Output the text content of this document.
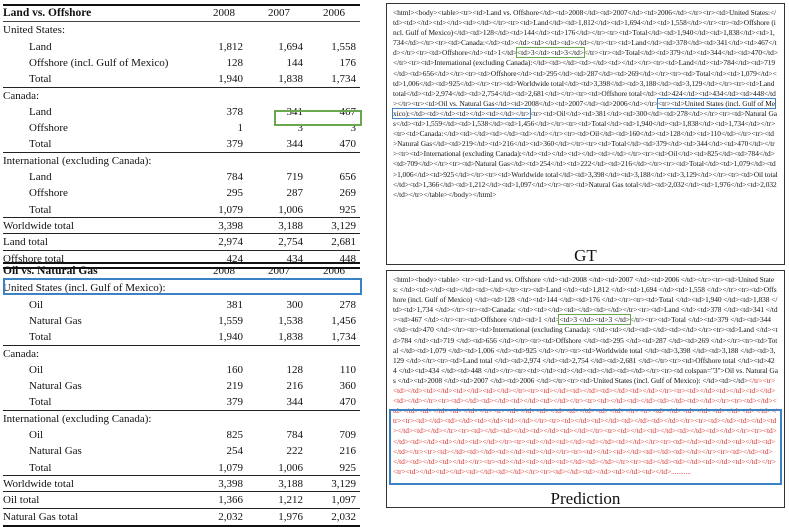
Land vs. Offshore	2008	2007	2006
United States:
Land	1,812	1,694	1,558
Offshore (incl. Gulf of Mexico)	128	144	176
Total	1,940	1,838	1,734
Canada:
Land	378	341	467
Offshore	1	3	3
Total	379	344	470
International (excluding Canada):
Land	784	719	656
Offshore	295	287	269
Total	1,079	1,006	925
Worldwide total	3,398	3,188	3,129
Land total	2,974	2,754	2,681
Offshore total	424	434	448
Oil vs. Natural Gas	2008	2007	2006
United States (incl. Gulf of Mexico):
Oil	381	300	278
Natural Gas	1,559	1,538	1,456
Total	1,940	1,838	1,734
Canada:
Oil	160	128	110
Natural Gas	219	216	360
Total	379	344	470
International (excluding Canada):
Oil	825	784	709
Natural Gas	254	222	216
Total	1,079	1,006	925
Worldwide total	3,398	3,188	3,129
Oil total	1,366	1,212	1,097
Natural Gas total	2,032	1,976	2,032
<html><body><table><tr><td>Land vs. Offshore</td><td>2008</td><td>2007</td><td>2006</td></tr><tr><td>United States:</td><td></td><td></td><td></td></tr><tr><td>Land</td><td>1,812</td><td>1,694</td><td>1,558</td></tr><tr><td>Offshore (incl. Gulf of Mexico)</td><td>128</td><td>144</td><td>176</td></tr><tr><td>Total</td><td>1,940</td><td>1,838</td><td>1,734</td></tr><tr><td>Canada:</td><td></td><td></td><td></td></tr><tr><td>Land</td><td>378</td><td>341</td><td>467</td></tr><tr><td>Offshore</td><td>1</td><td>3</td><td>3</td></tr><tr><td>Total</td><td>379</td><td>344</td><td>470</td></tr><tr><td>International (excluding Canada):</td><td></td><td></td><td></td></tr><tr><td>Land</td><td>784</td><td>719</td><td>656</td></tr><tr><td>Offshore</td><td>295</td><td>287</td><td>269</td></tr><tr><td>Total</td><td>1,079</td><td>1,006</td><td>925</td></tr><tr><td>Worldwide total</td><td>3,398</td><td>3,188</td><td>3,129</td></tr><tr><td>Land total</td><td>2,974</td><td>2,754</td><td>2,681</td></tr><tr><td>Offshore total</td><td>424</td><td>434</td><td>448</td></tr><tr><td>Oil vs. Natural Gas</td><td>2008</td><td>2007</td><td>2006</td></tr><tr><td>United States (incl. Gulf of Mexico):</td><td></td><td></td><td></td></tr><tr><td>Oil</td><td>381</td><td>300</td><td>278</td></tr><tr><td>Natural Gas</td><td>1,559</td><td>1,538</td><td>1,456</td></tr><tr><td>Total</td><td>1,940</td><td>1,838</td><td>1,734</td></tr><tr><td>Canada:</td><td></td><td></td><td></td></tr><tr><td>Oil</td><td>160</td><td>128</td><td>110</td></tr><tr><td>Natural Gas</td><td>219</td><td>216</td><td>360</td></tr><tr><td>Total</td><td>379</td><td>344</td><td>470</td></tr><tr><td>International (excluding Canada):</td><td></td><td></td><td></td></tr><tr><td>Oil</td><td>825</td><td>784</td><td>709</td></tr><tr><td>Natural Gas</td><td>254</td><td>222</td><td>216</td></tr><tr><td>Total</td><td>1,079</td><td>1,006</td><td>925</td></tr><tr><td>Worldwide total</td><td>3,398</td><td>3,188</td><td>3,129</td></tr><tr><td>Oil total</td><td>1,366</td><td>1,212</td><td>1,097</td></tr><tr><td>Natural Gas total</td><td>2,032</td><td>1,976</td><td>2,032</td></tr></table></body></html>
GT
<html><body><table> <tr><td>Land vs. Offshore </td><td>2008 </td><td>2007 </td><td>2006 </td></tr><tr><td>United States: </td><td></td><td></td><td></td></tr><tr><td>Land </td><td>1,812 </td><td>1,694 </td><td>1,558 </td></tr><tr><td>Offshore (incl. Gulf of Mexico) </td><td>128 </td><td>144 </td><td>176 </td></tr><tr><td>Total </td><td>1,940 </td><td>1,838 </td><td>1,734 </td></tr><tr><td>Canada: </td><td></td><td></td><td></td></tr><tr><td>Land </td><td>378 </td><td>341 </td><td>467 </td></tr><tr><td>Offshore </td><td>1 </td><td>3 </td><td>3 </td></tr><tr><td>Total </td><td>379 </td><td>344 </td><td>470 </td></tr><tr><td>International (excluding Canada): </td><td></td><td></td><td></td></tr><tr><td>Land </td><td>784 </td><td>719 </td><td>656 </td></tr><tr><td>Offshore </td><td>295 </td><td>287 </td><td>269 </td></tr><tr><td>Total </td><td>1,079 </td><td>1,006 </td><td>925 </td></tr><tr><td>Worldwide total </td><td>3,398 </td><td>3,188 </td><td>3,129 </td></tr><tr><td>Land total </td><td>2,974 </td><td>2,754 </td><td>2,681 </td></tr><tr><td>Offshore total </td><td>424 </td><td>434 </td><td>448 </td></tr><tr><td></td><td></td><td></td><td></td></tr><tr><td colspan="3">Oil vs. Natural Gas </td><td>2008 </td><td>2007 </td><td>2006 </td></tr><tr><td>United States (incl. Gulf of Mexico): </td><td></td></tr><tr><td></td><td></td><td></td><td></td></tr><tr><td></td><td></td><td></td><td></td></tr><tr><td></td><td></td><td></td><td></td></tr><tr><td></td><td></td><td></td><td></td></tr><tr><td></td><td></td><td></td><td></td></tr><tr><td></td><td></td><td></td><td></td></tr><tr><td></td><td></td><td></td><td></td></tr><tr><td></td><td></td><td></td><td></td></tr><tr><td></td><td></td><td></td><td></td></tr><tr><td></td><td></td><td></td><td></td></tr><tr><td></td><td></td><td></td><td></td></tr><tr><td></td><td></td><td></td><td></td></tr><tr><td></td><td></td><td></td><td></td></tr><tr><td></td><td></td><td></td><td></td></tr><tr><td></td><td></td><td></td><td></td></tr><tr><td></td><td></td><td></td><td></td></tr><tr><td></td><td></td><td></td><td></td></tr><tr><td></td><td></td><td></td><td></td></tr><tr><td></td><td></td><td></td><td></td></tr><tr><td></td><td></td><td></td><td></td></tr><tr><td></td><td></td><td></td><td></td></tr><tr><td></td><td></td><td></td><td></td></tr><tr><td></td><td></td><td></td><td></td>...........
Prediction
